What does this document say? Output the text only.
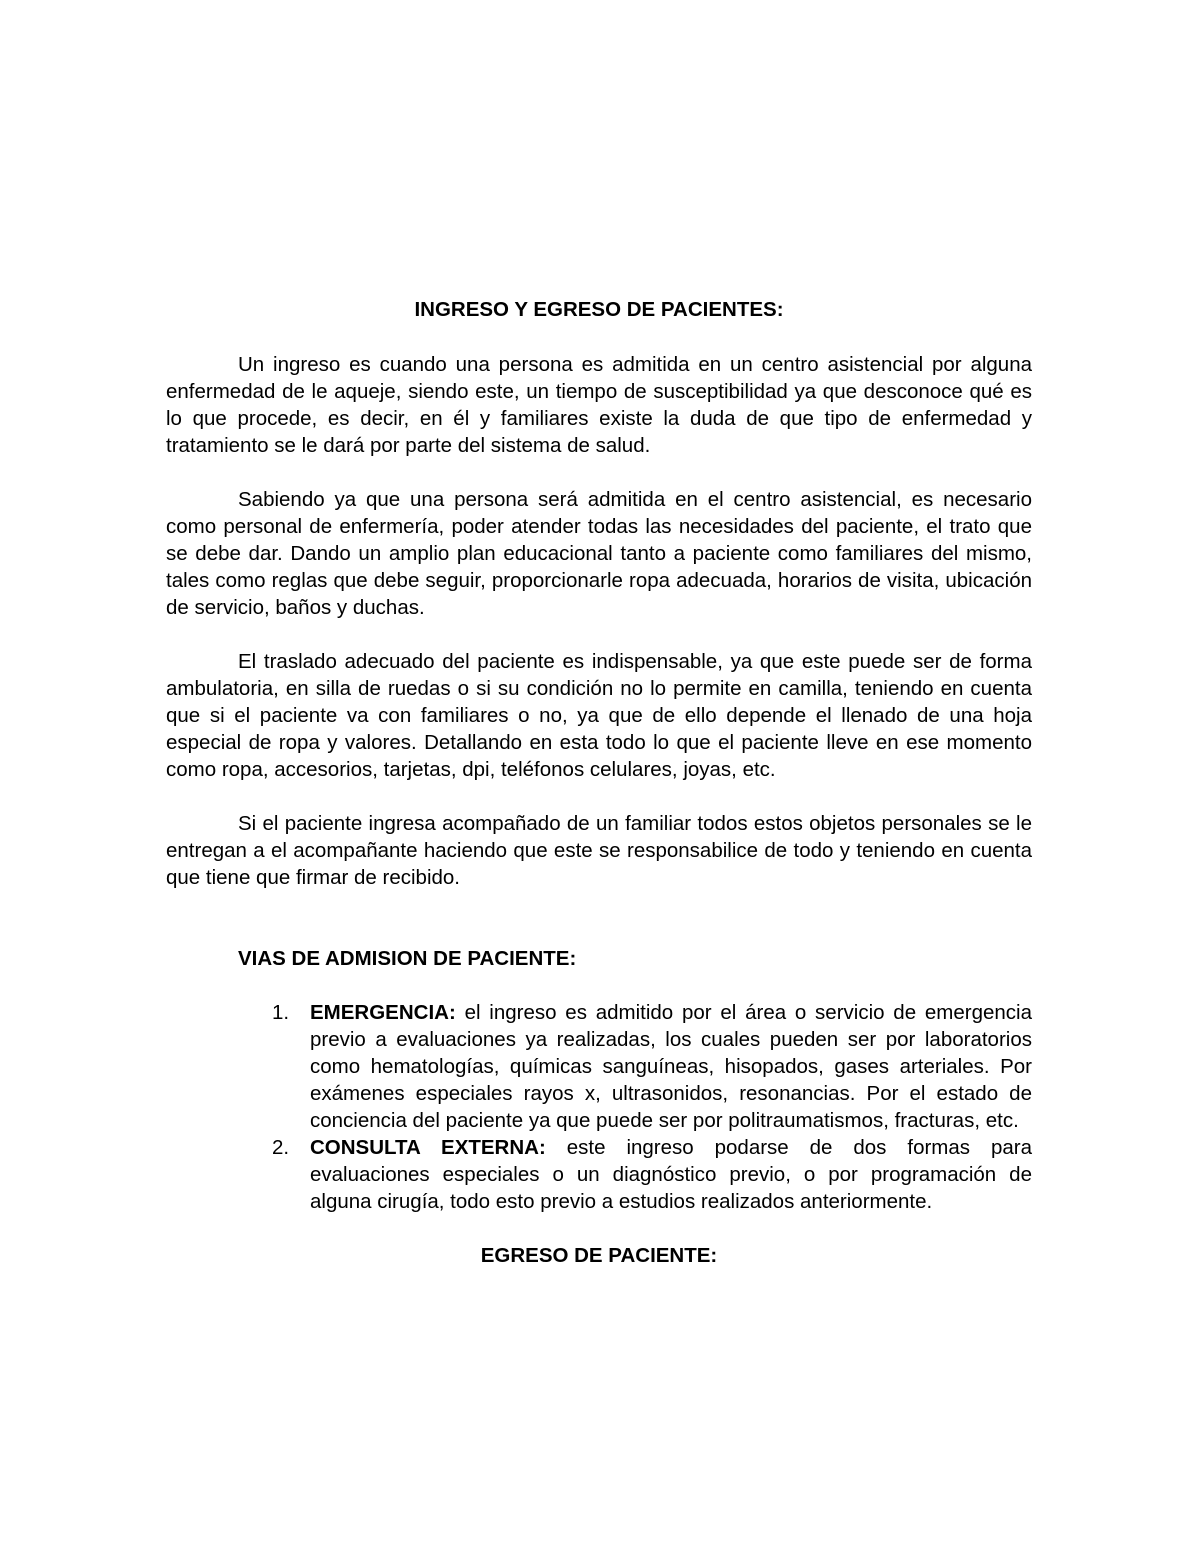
INGRESO Y EGRESO DE PACIENTES:

Un ingreso es cuando una persona es admitida en un centro asistencial por alguna enfermedad de le aqueje, siendo este, un tiempo de susceptibilidad ya que desconoce qué es lo que procede, es decir, en él y familiares existe la duda de que tipo de enfermedad y tratamiento se le dará por parte del sistema de salud.

Sabiendo ya que una persona será admitida en el centro asistencial, es necesario como personal de enfermería, poder atender todas las necesidades del paciente, el trato que se debe dar. Dando un amplio plan educacional tanto a paciente como familiares del mismo, tales como reglas que debe seguir, proporcionarle ropa adecuada, horarios de visita, ubicación de servicio, baños y duchas.

El traslado adecuado del paciente es indispensable, ya que este puede ser de forma ambulatoria, en silla de ruedas o si su condición no lo permite en camilla, teniendo en cuenta que si el paciente va con familiares o no, ya que de ello depende el llenado de una hoja especial de ropa y valores. Detallando en esta todo lo que el paciente lleve en ese momento como ropa, accesorios, tarjetas, dpi, teléfonos celulares, joyas, etc.

Si el paciente ingresa acompañado de un familiar todos estos objetos personales se le entregan a el acompañante haciendo que este se responsabilice de todo y teniendo en cuenta que tiene que firmar de recibido.

VIAS DE ADMISION DE PACIENTE:

1. EMERGENCIA: el ingreso es admitido por el área o servicio de emergencia previo a evaluaciones ya realizadas, los cuales pueden ser por laboratorios como hematologías, químicas sanguíneas, hisopados, gases arteriales. Por exámenes especiales rayos x, ultrasonidos, resonancias. Por el estado de conciencia del paciente ya que puede ser por politraumatismos, fracturas, etc.
2. CONSULTA EXTERNA: este ingreso podarse de dos formas para evaluaciones especiales o un diagnóstico previo, o por programación de alguna cirugía, todo esto previo a estudios realizados anteriormente.

EGRESO DE PACIENTE:
